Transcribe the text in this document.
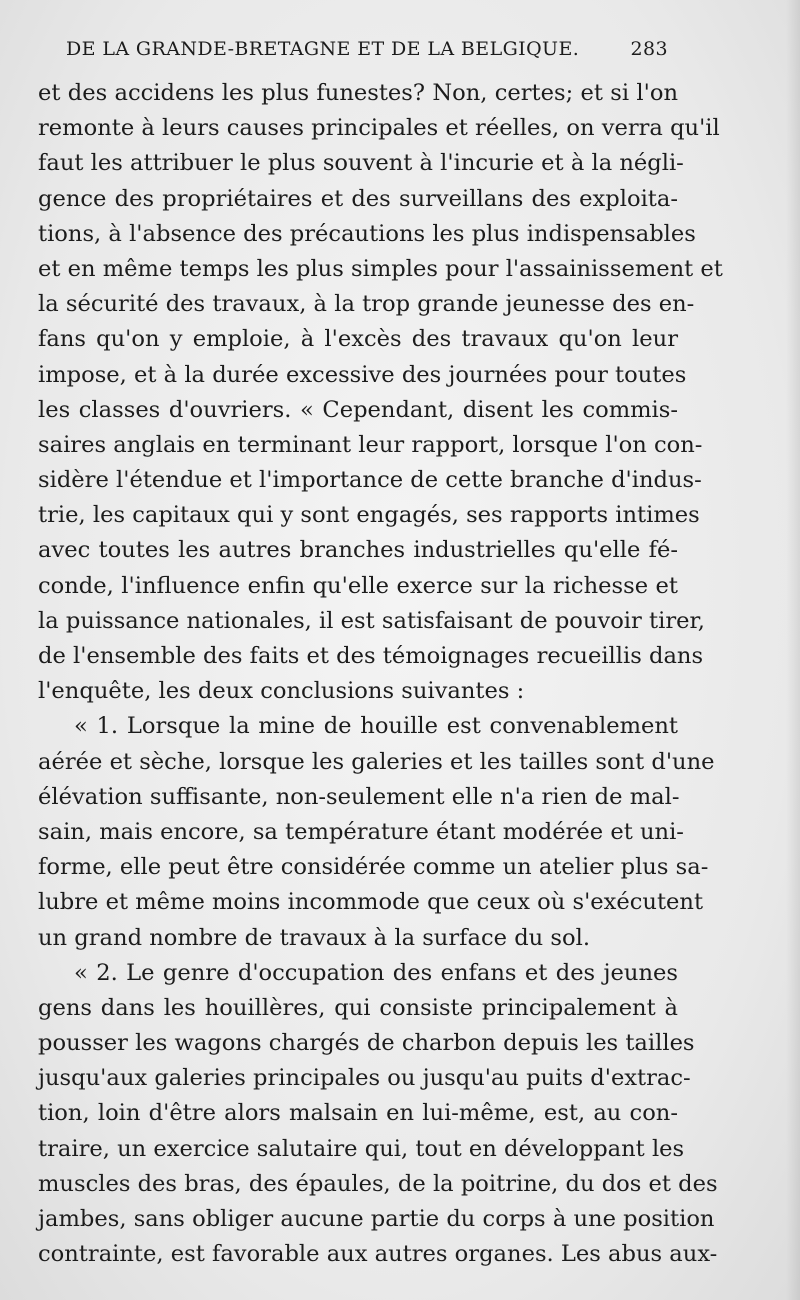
DE LA GRANDE-BRETAGNE ET DE LA BELGIQUE.	283
et des accidens les plus funestes? Non, certes; et si l'on
remonte à leurs causes principales et réelles, on verra qu'il
faut les attribuer le plus souvent à l'incurie et à la négli-
gence des propriétaires et des surveillans des exploita-
tions, à l'absence des précautions les plus indispensables
et en même temps les plus simples pour l'assainissement et
la sécurité des travaux, à la trop grande jeunesse des en-
fans qu'on y emploie, à l'excès des travaux qu'on leur
impose, et à la durée excessive des journées pour toutes
les classes d'ouvriers. « Cependant, disent les commis-
saires anglais en terminant leur rapport, lorsque l'on con-
sidère l'étendue et l'importance de cette branche d'indus-
trie, les capitaux qui y sont engagés, ses rapports intimes
avec toutes les autres branches industrielles qu'elle fé-
conde, l'influence enfin qu'elle exerce sur la richesse et
la puissance nationales, il est satisfaisant de pouvoir tirer,
de l'ensemble des faits et des témoignages recueillis dans
l'enquête, les deux conclusions suivantes :
« 1. Lorsque la mine de houille est convenablement
aérée et sèche, lorsque les galeries et les tailles sont d'une
élévation suffisante, non-seulement elle n'a rien de mal-
sain, mais encore, sa température étant modérée et uni-
forme, elle peut être considérée comme un atelier plus sa-
lubre et même moins incommode que ceux où s'exécutent
un grand nombre de travaux à la surface du sol.
« 2. Le genre d'occupation des enfans et des jeunes
gens dans les houillères, qui consiste principalement à
pousser les wagons chargés de charbon depuis les tailles
jusqu'aux galeries principales ou jusqu'au puits d'extrac-
tion, loin d'être alors malsain en lui-même, est, au con-
traire, un exercice salutaire qui, tout en développant les
muscles des bras, des épaules, de la poitrine, du dos et des
jambes, sans obliger aucune partie du corps à une position
contrainte, est favorable aux autres organes. Les abus aux-
